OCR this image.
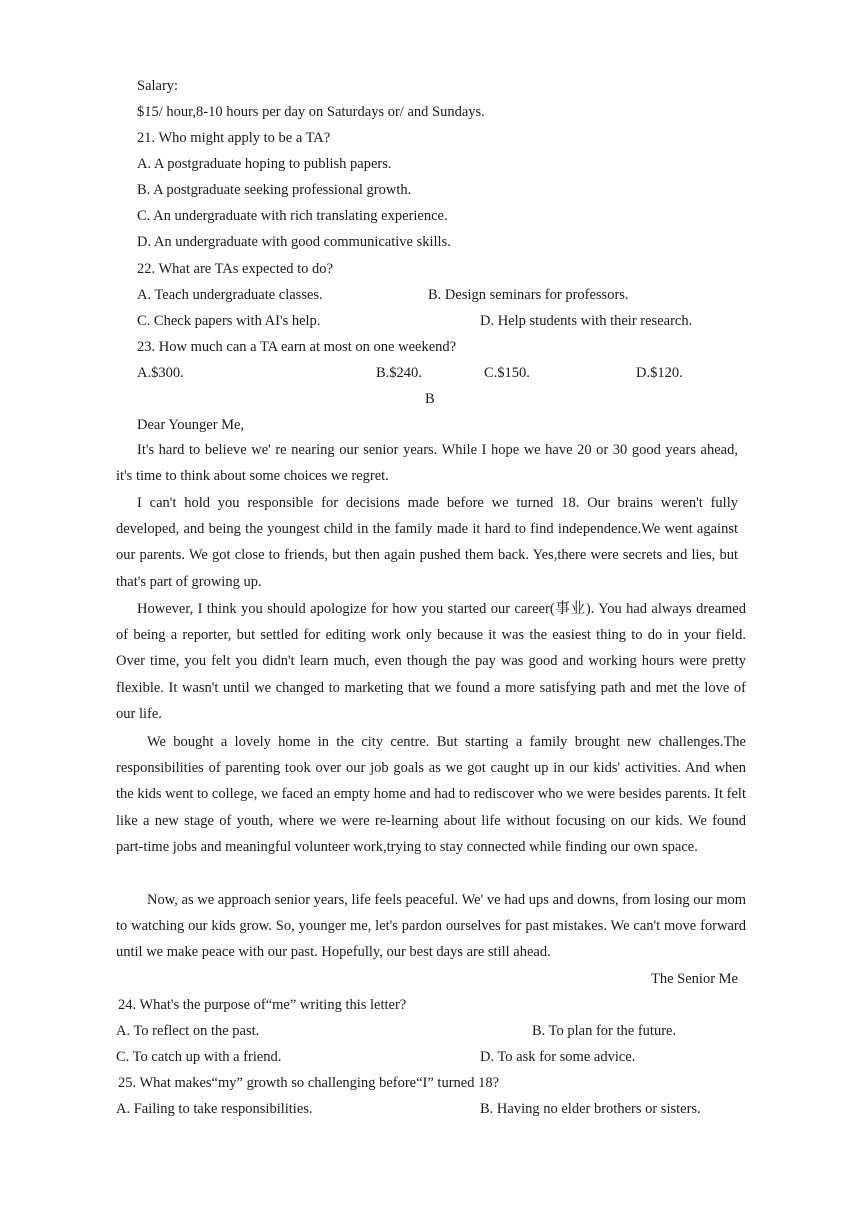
Salary:
$15/ hour,8-10 hours per day on Saturdays or/ and Sundays.
21. Who might apply to be a TA?
A. A postgraduate hoping to publish papers.
B. A postgraduate seeking professional growth.
C. An undergraduate with rich translating experience.
D. An undergraduate with good communicative skills.
22. What are TAs expected to do?
A. Teach undergraduate classes.	B. Design seminars for professors.
C. Check papers with AI's help.	D. Help students with their research.
23. How much can a TA earn at most on one weekend?
A.$300.	B.$240.	C.$150.	D.$120.
B
Dear Younger Me,

It's hard to believe we' re nearing our senior years. While I hope we have 20 or 30 good years ahead, it's time to think about some choices we regret.

I can't hold you responsible for decisions made before we turned 18. Our brains weren't fully developed, and being the youngest child in the family made it hard to find independence.We went against our parents. We got close to friends, but then again pushed them back. Yes,there were secrets and lies, but that's part of growing up.

However, I think you should apologize for how you started our career(事业). You had always dreamed of being a reporter, but settled for editing work only because it was the easiest thing to do in your field. Over time, you felt you didn't learn much, even though the pay was good and working hours were pretty flexible. It wasn't until we changed to marketing that we found a more satisfying path and met the love of our life.

We bought a lovely home in the city centre. But starting a family brought new challenges.The responsibilities of parenting took over our job goals as we got caught up in our kids' activities. And when the kids went to college, we faced an empty home and had to rediscover who we were besides parents. It felt like a new stage of youth, where we were re-learning about life without focusing on our kids. We found part-time jobs and meaningful volunteer work,trying to stay connected while finding our own space.

Now, as we approach senior years, life feels peaceful. We' ve had ups and downs, from losing our mom to watching our kids grow. So, younger me, let's pardon ourselves for past mistakes. We can't move forward until we make peace with our past. Hopefully, our best days are still ahead.

The Senior Me
24. What's the purpose of“me” writing this letter?
A. To reflect on the past.	B. To plan for the future.
C. To catch up with a friend.	D. To ask for some advice.
25. What makes“my” growth so challenging before“I” turned 18?
A. Failing to take responsibilities.	B. Having no elder brothers or sisters.
